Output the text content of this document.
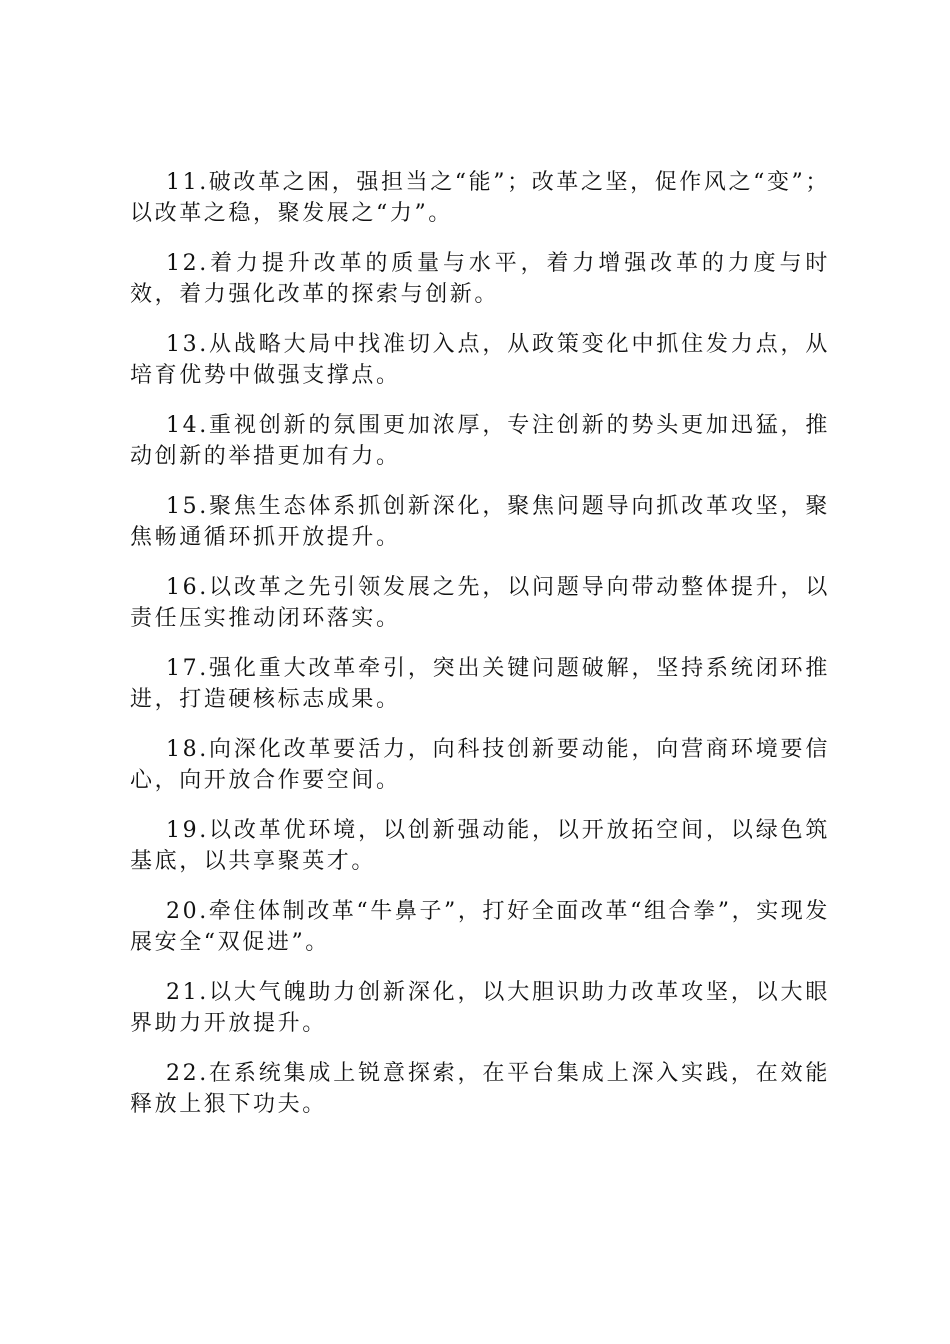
11.破改革之困，强担当之“能”；改革之坚，促作风之“变”；以改革之稳，聚发展之“力”。

12.着力提升改革的质量与水平，着力增强改革的力度与时效，着力强化改革的探索与创新。

13.从战略大局中找准切入点，从政策变化中抓住发力点，从培育优势中做强支撑点。

14.重视创新的氛围更加浓厚，专注创新的势头更加迅猛，推动创新的举措更加有力。

15.聚焦生态体系抓创新深化，聚焦问题导向抓改革攻坚，聚焦畅通循环抓开放提升。

16.以改革之先引领发展之先，以问题导向带动整体提升，以责任压实推动闭环落实。

17.强化重大改革牵引，突出关键问题破解，坚持系统闭环推进，打造硬核标志成果。

18.向深化改革要活力，向科技创新要动能，向营商环境要信心，向开放合作要空间。

19.以改革优环境，以创新强动能，以开放拓空间，以绿色筑基底，以共享聚英才。

20.牵住体制改革“牛鼻子”，打好全面改革“组合拳”，实现发展安全“双促进”。

21.以大气魄助力创新深化，以大胆识助力改革攻坚，以大眼界助力开放提升。

22.在系统集成上锐意探索，在平台集成上深入实践，在效能释放上狠下功夫。
